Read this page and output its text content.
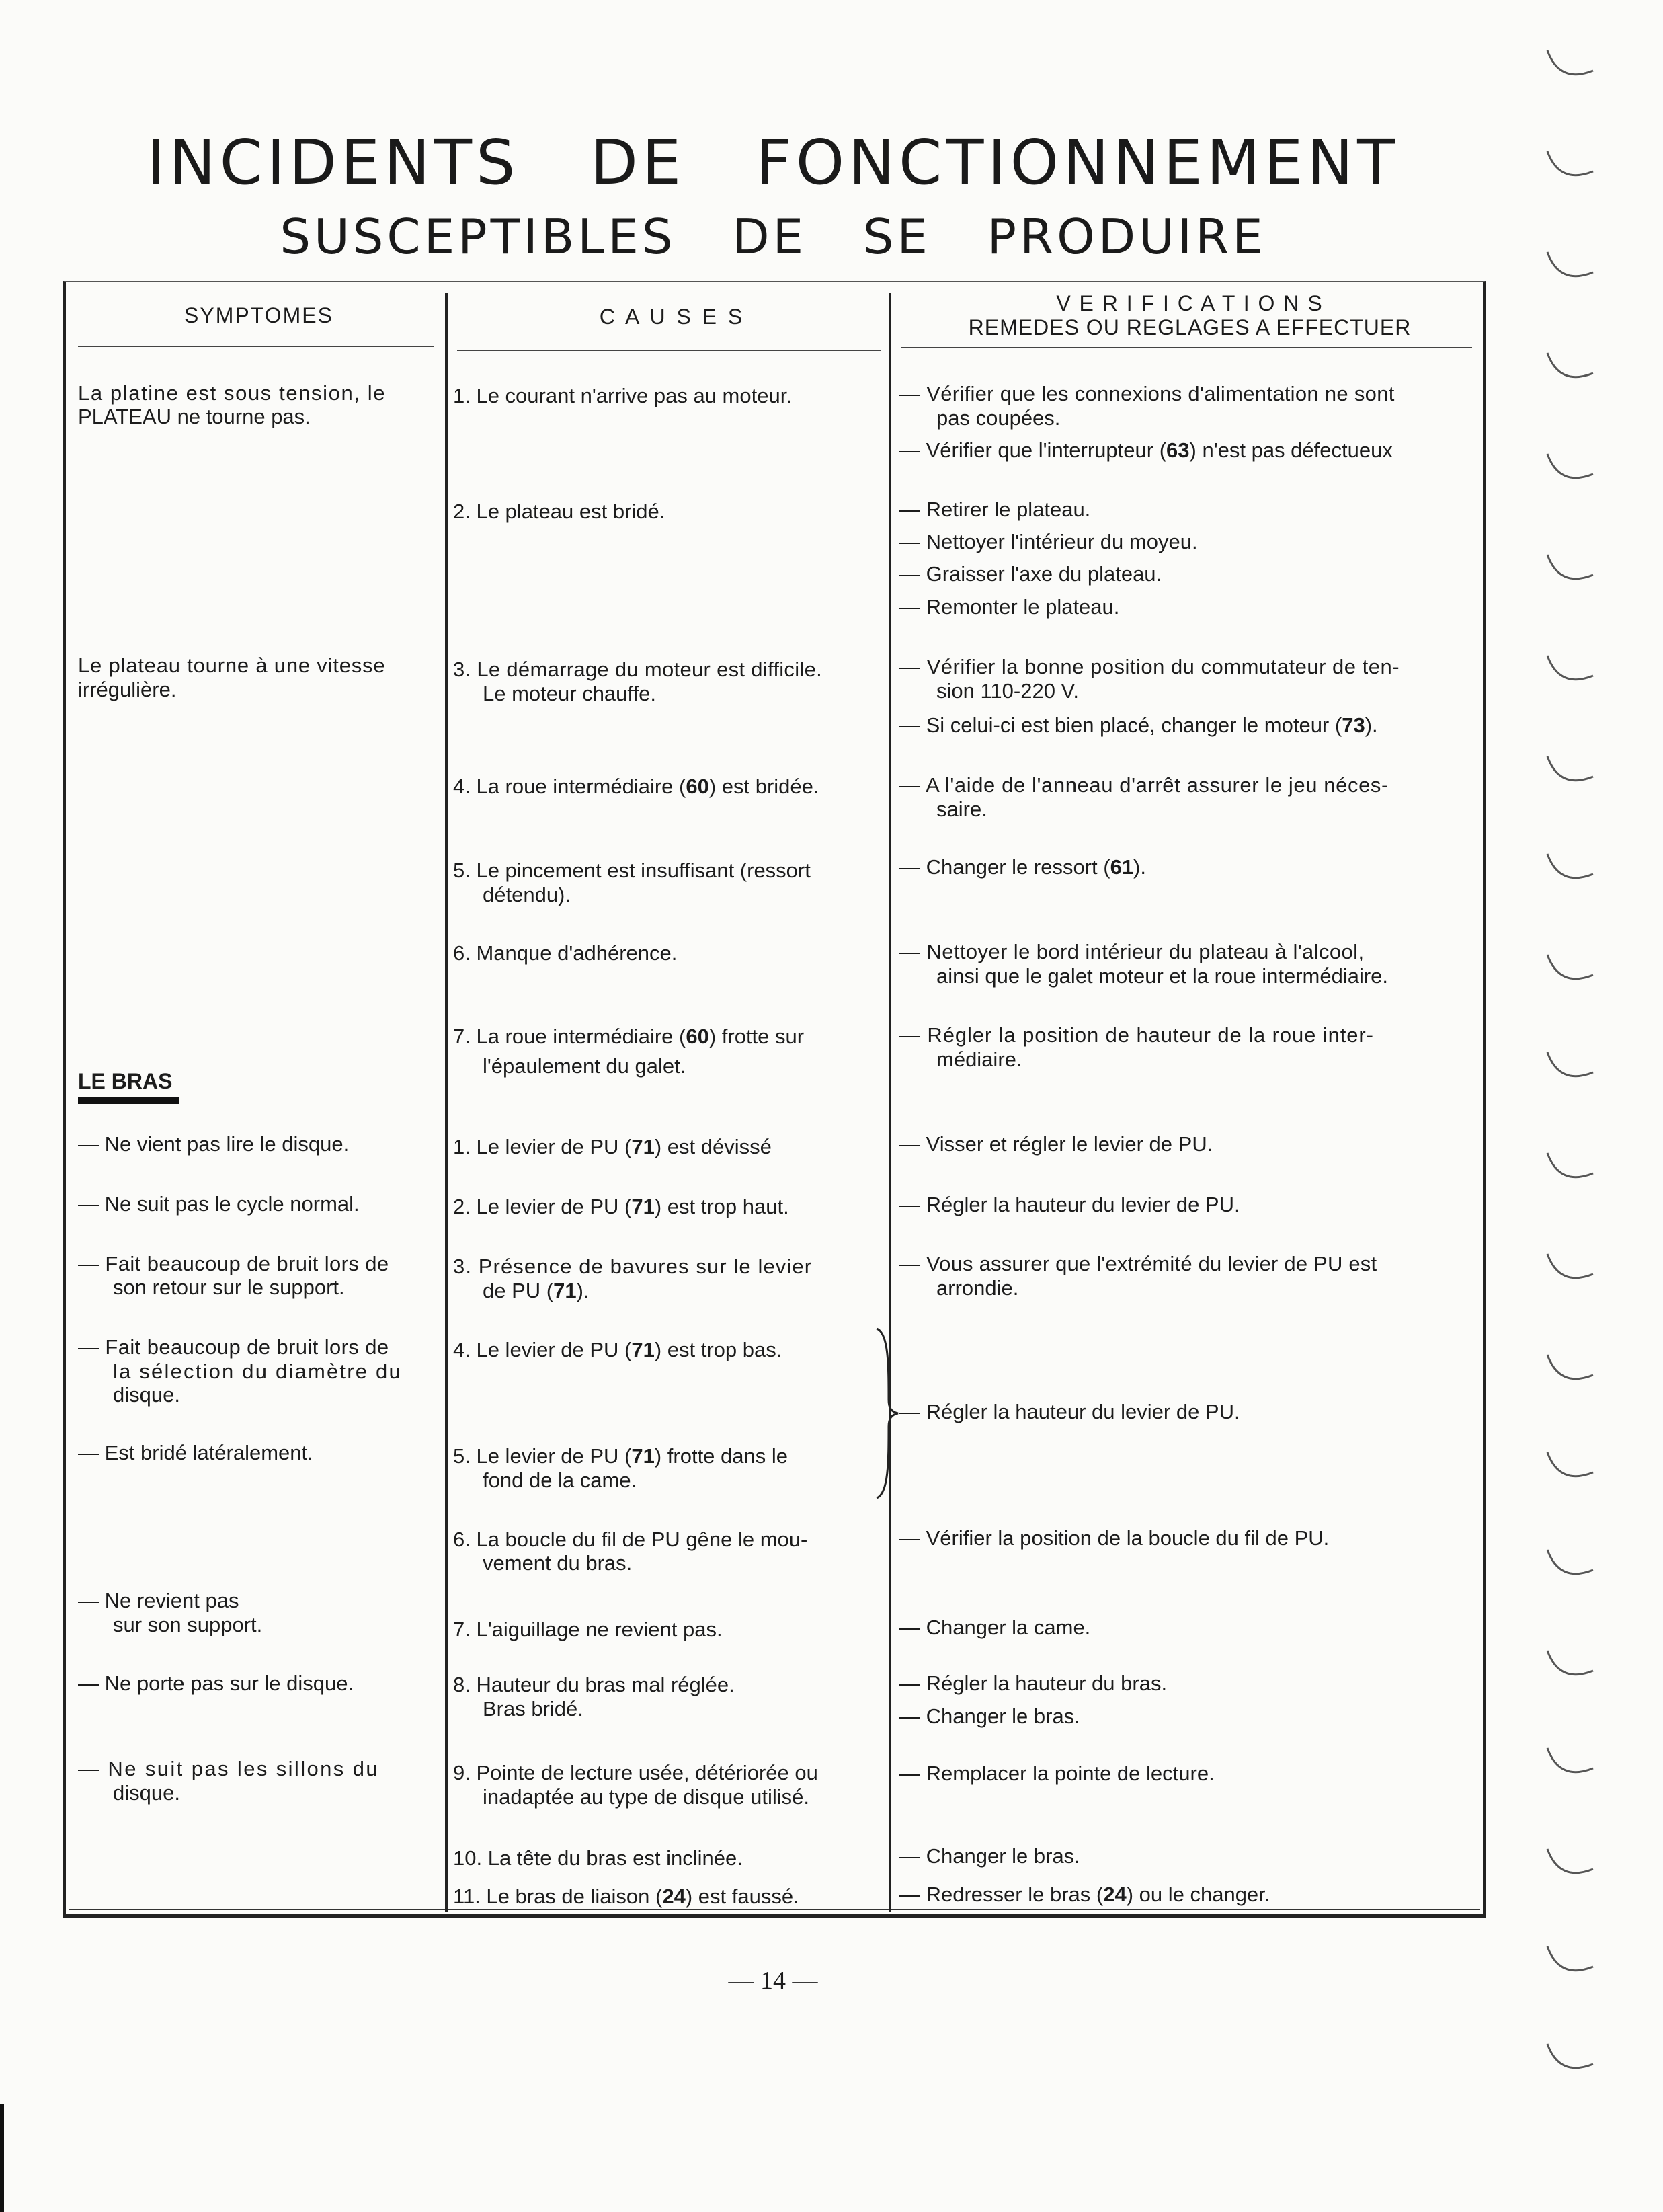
INCIDENTS   DE   FONCTIONNEMENT
SUSCEPTIBLES   DE   SE   PRODUIRE
SYMPTOMES	C A U S E S
V E R I F I C A T I O N S
REMEDES OU REGLAGES A EFFECTUER
La platine est sous tension, le
PLATEAU ne tourne pas.
Le plateau tourne à une vitesse
irrégulière.
LE BRAS
— Ne vient pas lire le disque.
— Ne suit pas le cycle normal.
— Fait beaucoup de bruit lors de
son retour sur le support.
— Fait beaucoup de bruit lors de
la sélection du diamètre du
disque.
— Est bridé latéralement.
— Ne revient pas
sur son support.
— Ne porte pas sur le disque.
— Ne suit pas les sillons du
disque.
1. Le courant n'arrive pas au moteur.
2. Le plateau est bridé.
3. Le démarrage du moteur est difficile.
Le moteur chauffe.
4. La roue intermédiaire (60) est bridée.
5. Le pincement est insuffisant (ressort
détendu).
6. Manque d'adhérence.
7. La roue intermédiaire (60) frotte sur
l'épaulement du galet.
1. Le levier de PU (71) est dévissé
2. Le levier de PU (71) est trop haut.
3. Présence de bavures sur le levier
de PU (71).
4. Le levier de PU (71) est trop bas.
5. Le levier de PU (71) frotte dans le
fond de la came.
6. La boucle du fil de PU gêne le mou-
vement du bras.
7. L'aiguillage ne revient pas.
8. Hauteur du bras mal réglée.
Bras bridé.
9. Pointe de lecture usée, détériorée ou
inadaptée au type de disque utilisé.
10. La tête du bras est inclinée.
11. Le bras de liaison (24) est faussé.
— Vérifier que les connexions d'alimentation ne sont
pas coupées.
— Vérifier que l'interrupteur (63) n'est pas défectueux
— Retirer le plateau.
— Nettoyer l'intérieur du moyeu.
— Graisser l'axe du plateau.
— Remonter le plateau.
— Vérifier la bonne position du commutateur de ten-
sion 110-220 V.
— Si celui-ci est bien placé, changer le moteur (73).
— A l'aide de l'anneau d'arrêt assurer le jeu néces-
saire.
— Changer le ressort (61).
— Nettoyer le bord intérieur du plateau à l'alcool,
ainsi que le galet moteur et la roue intermédiaire.
— Régler la position de hauteur de la roue inter-
médiaire.
— Visser et régler le levier de PU.
— Régler la hauteur du levier de PU.
— Vous assurer que l'extrémité du levier de PU est
arrondie.
— Régler la hauteur du levier de PU.
— Vérifier la position de la boucle du fil de PU.
— Changer la came.
— Régler la hauteur du bras.
— Changer le bras.
— Remplacer la pointe de lecture.
— Changer le bras.
— Redresser le bras (24) ou le changer.
— 14 —
